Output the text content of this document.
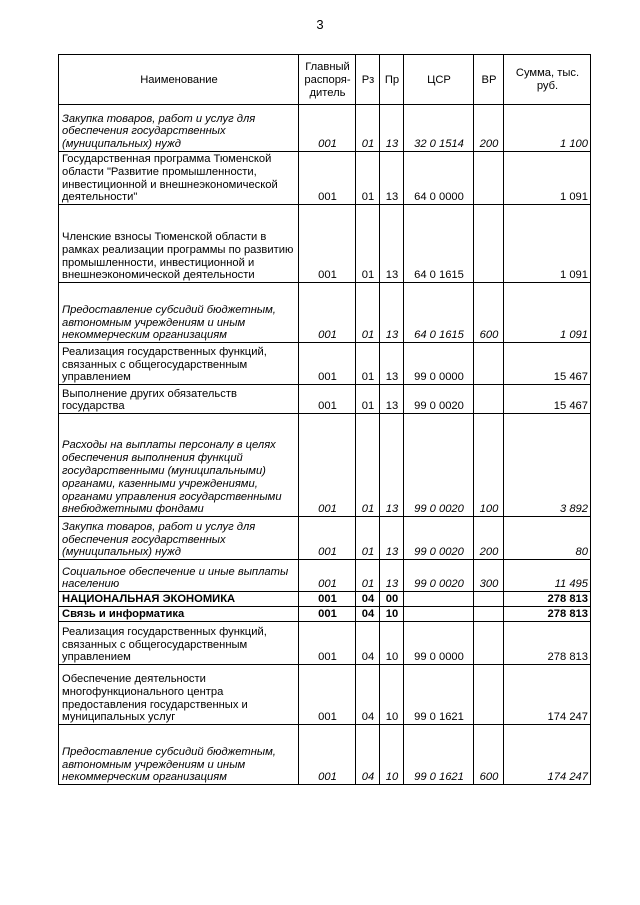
3
Наименование	Главный распоря-дитель	Рз	Пр	ЦСР	ВР	Сумма, тыс. руб.
Закупка товаров, работ и услуг для обеспечения государственных (муниципальных) нужд	001	01	13	32 0 1514	200	1 100
Государственная программа Тюменской области "Развитие промышленности, инвестиционной и внешнеэкономической деятельности"	001	01	13	64 0 0000		1 091
Членские взносы Тюменской области в рамках реализации программы по развитию промышленности, инвестиционной и внешнеэкономической деятельности	001	01	13	64 0 1615		1 091
Предоставление субсидий бюджетным, автономным учреждениям и иным некоммерческим организациям	001	01	13	64 0 1615	600	1 091
Реализация государственных функций, связанных с общегосударственным управлением	001	01	13	99 0 0000		15 467
Выполнение других обязательств государства	001	01	13	99 0 0020		15 467
Расходы на выплаты персоналу в целях обеспечения выполнения функций государственными (муниципальными) органами, казенными учреждениями, органами управления государственными внебюджетными фондами	001	01	13	99 0 0020	100	3 892
Закупка товаров, работ и услуг для обеспечения государственных (муниципальных) нужд	001	01	13	99 0 0020	200	80
Социальное обеспечение и иные выплаты населению	001	01	13	99 0 0020	300	11 495
НАЦИОНАЛЬНАЯ ЭКОНОМИКА	001	04	00			278 813
Связь и информатика	001	04	10			278 813
Реализация государственных функций, связанных с общегосударственным управлением	001	04	10	99 0 0000		278 813
Обеспечение деятельности многофункционального центра предоставления государственных и муниципальных услуг	001	04	10	99 0 1621		174 247
Предоставление субсидий бюджетным, автономным учреждениям и иным некоммерческим организациям	001	04	10	99 0 1621	600	174 247
